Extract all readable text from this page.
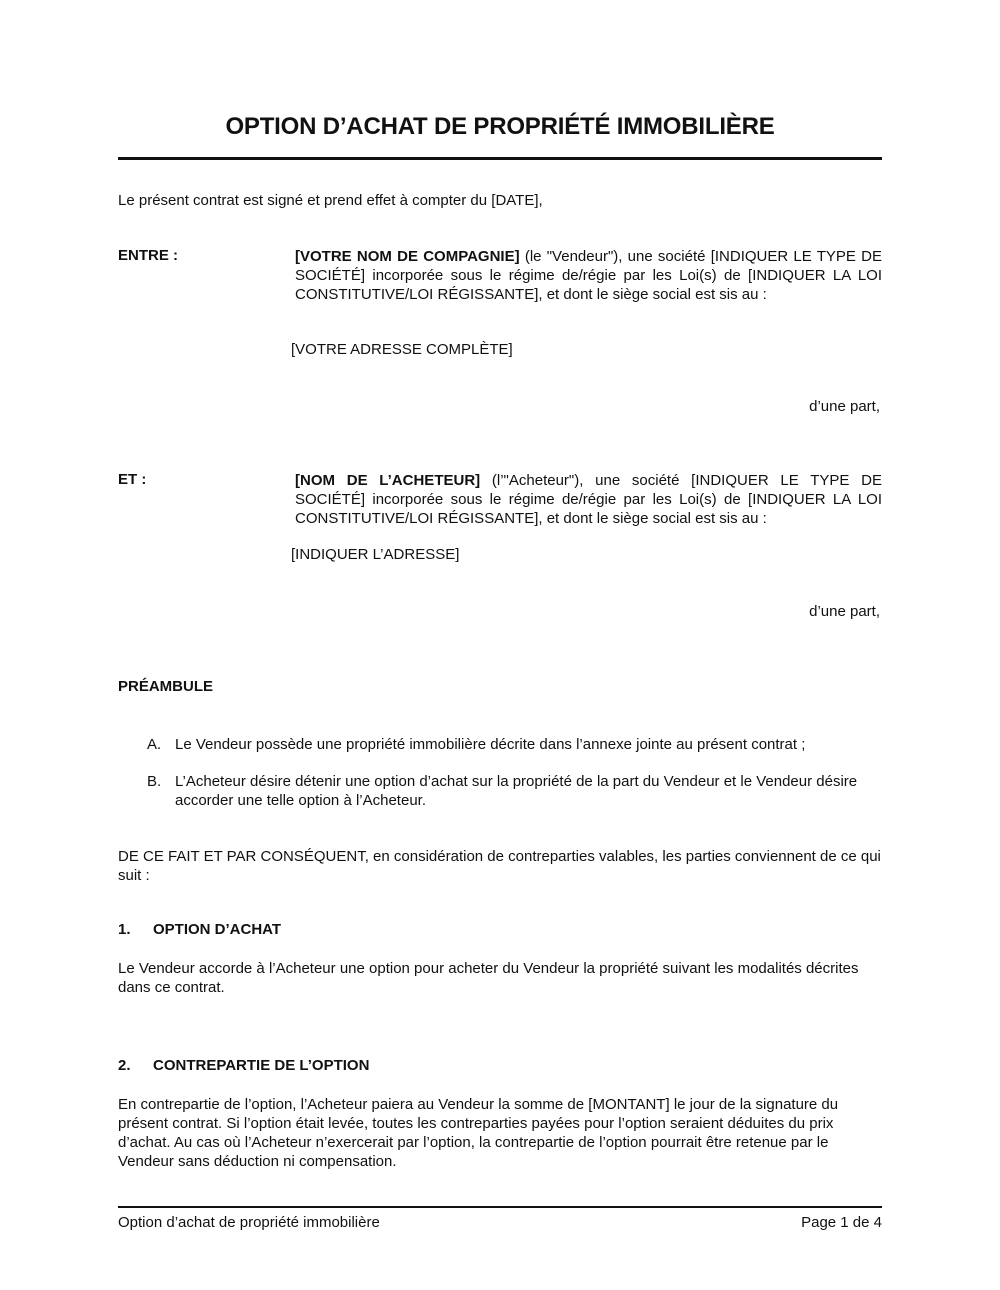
OPTION D’ACHAT DE PROPRIÉTÉ IMMOBILIÈRE
Le présent contrat est signé et prend effet à compter du [DATE],
ENTRE :	[VOTRE NOM DE COMPAGNIE] (le "Vendeur"), une société [INDIQUER LE TYPE DE SOCIÉTÉ] incorporée sous le régime de/régie par les Loi(s) de [INDIQUER LA LOI CONSTITUTIVE/LOI RÉGISSANTE], et dont le siège social est sis au :
[VOTRE ADRESSE COMPLÈTE]
d’une part,
ET :	[NOM DE L’ACHETEUR] (l’"Acheteur"), une société [INDIQUER LE TYPE DE SOCIÉTÉ] incorporée sous le régime de/régie par les Loi(s) de [INDIQUER LA LOI CONSTITUTIVE/LOI RÉGISSANTE], et dont le siège social est sis au :
[INDIQUER L’ADRESSE]
d’une part,
PRÉAMBULE
A. Le Vendeur possède une propriété immobilière décrite dans l’annexe jointe au présent contrat ;
B. L’Acheteur désire détenir une option d’achat sur la propriété de la part du Vendeur et le Vendeur désire accorder une telle option à l’Acheteur.
DE CE FAIT ET PAR CONSÉQUENT, en considération de contreparties valables, les parties conviennent de ce qui suit :
1.	OPTION D’ACHAT
Le Vendeur accorde à l’Acheteur une option pour acheter du Vendeur la propriété suivant les modalités décrites dans ce contrat.
2.	CONTREPARTIE DE L’OPTION
En contrepartie de l’option, l’Acheteur paiera au Vendeur la somme de [MONTANT] le jour de la signature du présent contrat. Si l’option était levée, toutes les contreparties payées pour l’option seraient déduites du prix d’achat. Au cas où l’Acheteur n’exercerait par l’option, la contrepartie de l’option pourrait être retenue par le Vendeur sans déduction ni compensation.
Option d’achat de propriété immobilière	Page 1 de 4
